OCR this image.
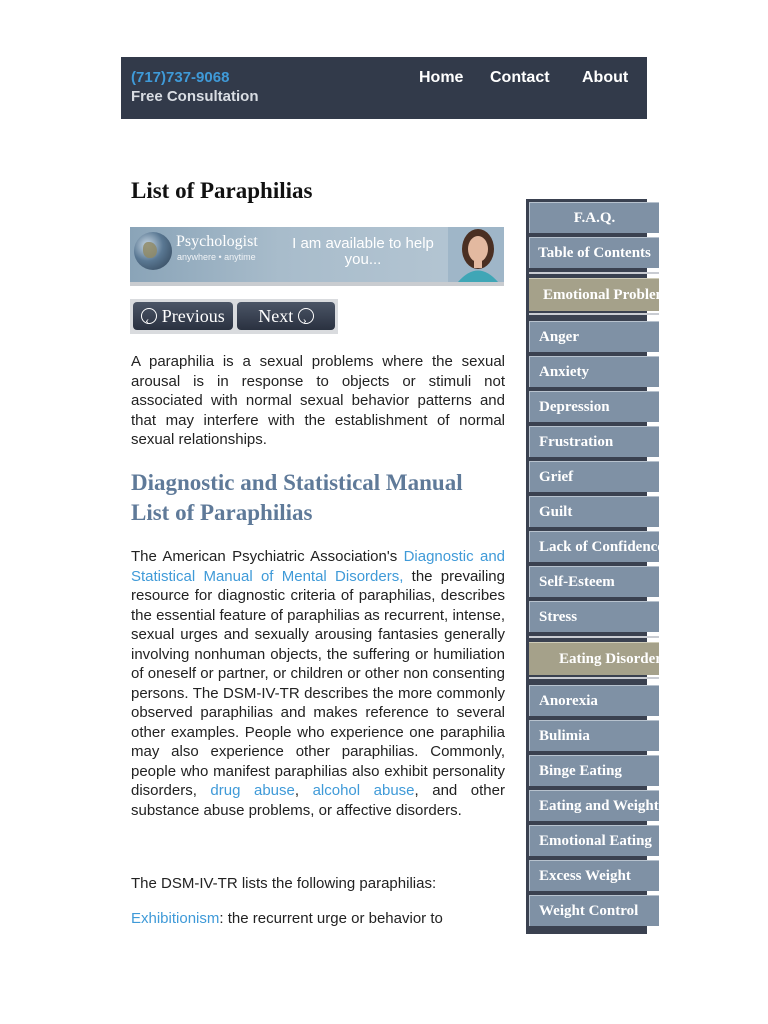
(717)737-9068
Free Consultation
Home Contact About
List of Paraphilias
Psychologist
anywhere • anytime
I am available to help you...
‹ Previous	Next ›

A paraphilia is a sexual problems where the sexual arousal is in response to objects or stimuli not associated with normal sexual behavior patterns and that may interfere with the establishment of normal sexual relationships.

Diagnostic and Statistical Manual List of Paraphilias

The American Psychiatric Association's Diagnostic and Statistical Manual of Mental Disorders, the prevailing resource for diagnostic criteria of paraphilias, describes the essential feature of paraphilias as recurrent, intense, sexual urges and sexually arousing fantasies generally involving nonhuman objects, the suffering or humiliation of oneself or partner, or children or other non consenting persons. The DSM-IV-TR describes the more commonly observed paraphilias and makes reference to several other examples. People who experience one paraphilia may also experience other paraphilias. Commonly, people who manifest paraphilias also exhibit personality disorders, drug abuse, alcohol abuse, and other substance abuse problems, or affective disorders.

The DSM-IV-TR lists the following paraphilias:

Exhibitionism: the recurrent urge or behavior to

F.A.Q.
Table of Contents
Emotional Problems
Anger
Anxiety
Depression
Frustration
Grief
Guilt
Lack of Confidence
Self-Esteem
Stress
Eating Disorders
Anorexia
Bulimia
Binge Eating
Eating and Weight
Emotional Eating
Excess Weight
Weight Control
